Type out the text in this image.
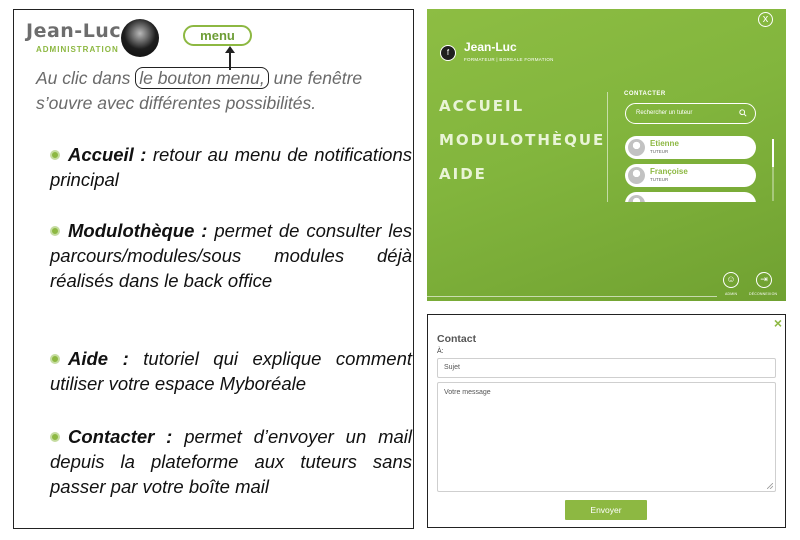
Jean-Luc
ADMINISTRATION
menu
Au clic dans le bouton menu, une fenêtre s’ouvre avec différentes possibilités.
Accueil : retour au menu de notifications principal
Modulothèque : permet de consulter les parcours/modules/sous modules déjà réalisés dans le back office
Aide : tutoriel qui explique comment utiliser votre espace Myboréale
Contacter : permet d’envoyer un mail depuis la plateforme aux tuteurs sans passer par votre boîte mail
x
f	Jean-Luc
FORMATEUR | BOREALE FORMATION
ACCUEIL
MODULOTHÈQUE
AIDE
CONTACTER
Rechercher un tuteur
Etienne
TUTEUR
Françoise
TUTEUR
☺
ADMIN
⇥
DÉCONNEXION
×
Contact
À:
Sujet
Votre message
Envoyer
